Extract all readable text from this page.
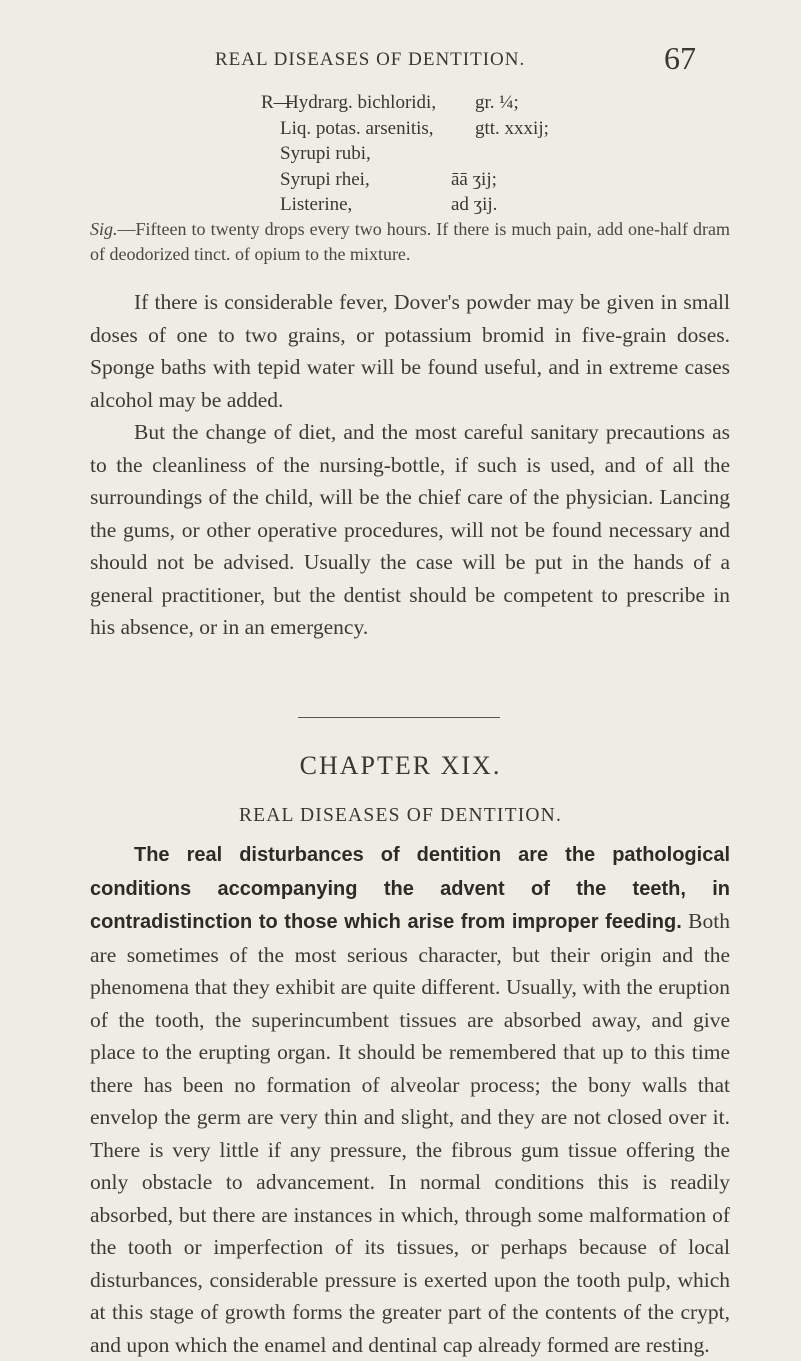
REAL DISEASES OF DENTITION.	67
R—
Hydrarg. bichloridi, gr. ¼;
Liq. potas. arsenitis, gtt. xxxij;
Syrupi rubi,
Syrupi rhei,	āā ʒij;
Listerine,	ad ʒij.
Sig.—Fifteen to twenty drops every two hours. If there is much pain, add one-half dram of deodorized tinct. of opium to the mixture.

If there is considerable fever, Dover's powder may be given in small doses of one to two grains, or potassium bromid in five-grain doses. Sponge baths with tepid water will be found useful, and in extreme cases alcohol may be added.

But the change of diet, and the most careful sanitary precautions as to the cleanliness of the nursing-bottle, if such is used, and of all the surroundings of the child, will be the chief care of the physician. Lancing the gums, or other operative procedures, will not be found necessary and should not be advised. Usually the case will be put in the hands of a general practitioner, but the dentist should be competent to prescribe in his absence, or in an emergency.

CHAPTER XIX.
REAL DISEASES OF DENTITION.

The real disturbances of dentition are the pathological conditions accompanying the advent of the teeth, in contradistinction to those which arise from improper feeding. Both are sometimes of the most serious character, but their origin and the phenomena that they exhibit are quite different. Usually, with the eruption of the tooth, the superincumbent tissues are absorbed away, and give place to the erupting organ. It should be remembered that up to this time there has been no formation of alveolar process; the bony walls that envelop the germ are very thin and slight, and they are not closed over it. There is very little if any pressure, the fibrous gum tissue offering the only obstacle to advancement. In normal conditions this is readily absorbed, but there are instances in which, through some malformation of the tooth or imperfection of its tissues, or perhaps because of local disturbances, considerable pressure is exerted upon the tooth pulp, which at this stage of growth forms the greater part of the contents of the crypt, and upon which the enamel and dentinal cap already formed are resting.
